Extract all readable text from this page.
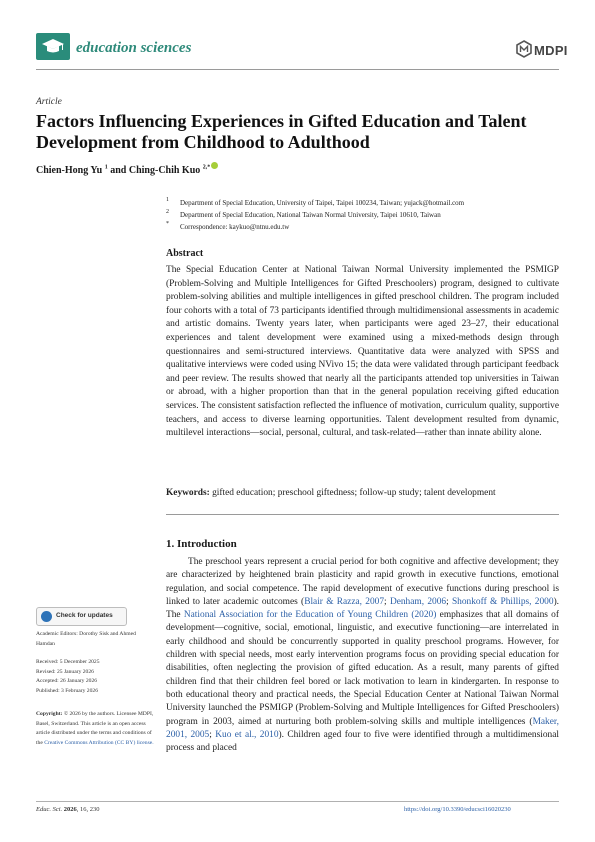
education sciences	MDPI
Article
Factors Influencing Experiences in Gifted Education and Talent Development from Childhood to Adulthood
Chien-Hong Yu $^1$ and Ching-Chih Kuo $^{2,*}$
1 Department of Special Education, University of Taipei, Taipei 100234, Taiwan; yujack@hotmail.com
2 Department of Special Education, National Taiwan Normal University, Taipei 10610, Taiwan
* Correspondence: kaykuo@ntnu.edu.tw
Abstract
The Special Education Center at National Taiwan Normal University implemented the PSMIGP (Problem-Solving and Multiple Intelligences for Gifted Preschoolers) program, designed to cultivate problem-solving abilities and multiple intelligences in gifted preschool children. The program included four cohorts with a total of 73 participants identified through multidimensional assessments in academic and artistic domains. Twenty years later, when participants were aged 23–27, their educational experiences and talent development were examined using a mixed-methods design through questionnaires and semi-structured interviews. Quantitative data were analyzed with SPSS and qualitative interviews were coded using NVivo 15; the data were validated through participant feedback and peer review. The results showed that nearly all the participants attended top universities in Taiwan or abroad, with a higher proportion than that in the general population receiving gifted education services. The consistent satisfaction reflected the influence of motivation, curriculum quality, supportive teachers, and access to diverse learning opportunities. Talent development resulted from dynamic, multilevel interactions—social, personal, cultural, and task-related—rather than innate ability alone.
Keywords: gifted education; preschool giftedness; follow-up study; talent development
1. Introduction
The preschool years represent a crucial period for both cognitive and affective development; they are characterized by heightened brain plasticity and rapid growth in executive functions, emotional regulation, and social competence. The rapid development of executive functions during preschool is linked to later academic outcomes (Blair & Razza, 2007; Denham, 2006; Shonkoff & Phillips, 2000). The National Association for the Education of Young Children (2020) emphasizes that all domains of development—cognitive, social, emotional, linguistic, and executive functioning—are interrelated in early childhood and should be concurrently supported in quality preschool programs. However, for children with special needs, most early intervention programs focus on providing special education for disabilities, often neglecting the provision of gifted education. As a result, many parents of gifted children find that their children feel bored or lack motivation to learn in kindergarten. In response to both educational theory and practical needs, the Special Education Center at National Taiwan Normal University launched the PSMIGP (Problem-Solving and Multiple Intelligences for Gifted Preschoolers) program in 2003, aimed at nurturing both problem-solving skills and multiple intelligences (Maker, 2001, 2005; Kuo et al., 2010). Children aged four to five were identified through a multidimensional process and placed
Check for updates
Academic Editors: Dorothy Sisk and Ahmed Hamdan
Received: 5 December 2025
Revised: 25 January 2026
Accepted: 26 January 2026
Published: 3 February 2026
Copyright: © 2026 by the authors. Licensee MDPI, Basel, Switzerland. This article is an open access article distributed under the terms and conditions of the Creative Commons Attribution (CC BY) license.
Educ. Sci. 2026, 16, 230	https://doi.org/10.3390/educsci16020230
